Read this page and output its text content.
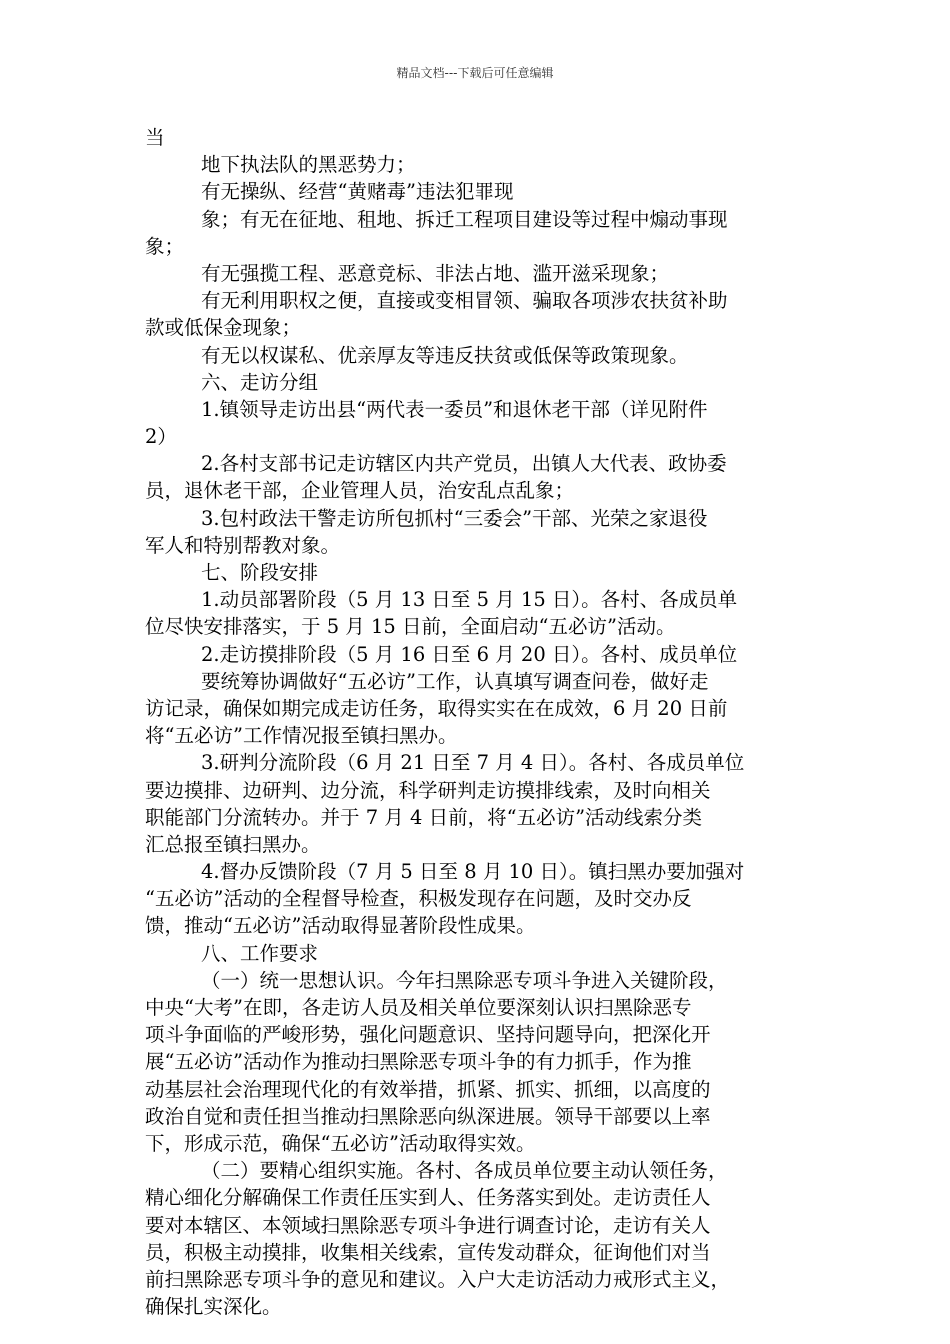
精品文档---下载后可任意编辑
当
地下执法队的黑恶势力；
有无操纵、经营“黄赌毒”违法犯罪现
象；有无在征地、租地、拆迁工程项目建设等过程中煽动事现
象；
有无强揽工程、恶意竞标、非法占地、滥开滋采现象；
有无利用职权之便，直接或变相冒领、骗取各项涉农扶贫补助
款或低保金现象；
有无以权谋私、优亲厚友等违反扶贫或低保等政策现象。
六、走访分组
1.镇领导走访出县“两代表一委员”和退休老干部（详见附件
2）
2.各村支部书记走访辖区内共产党员，出镇人大代表、政协委
员，退休老干部，企业管理人员，治安乱点乱象；
3.包村政法干警走访所包抓村“三委会”干部、光荣之家退役
军人和特别帮教对象。
七、阶段安排
1.动员部署阶段（5 月 13 日至 5 月 15 日）。各村、各成员单
位尽快安排落实，于 5 月 15 日前，全面启动“五必访”活动。
2.走访摸排阶段（5 月 16 日至 6 月 20 日）。各村、成员单位
要统筹协调做好“五必访”工作，认真填写调查问卷，做好走
访记录，确保如期完成走访任务，取得实实在在成效，6 月 20 日前
将“五必访”工作情况报至镇扫黑办。
3.研判分流阶段（6 月 21 日至 7 月 4 日）。各村、各成员单位
要边摸排、边研判、边分流，科学研判走访摸排线索，及时向相关
职能部门分流转办。并于 7 月 4 日前，将“五必访”活动线索分类
汇总报至镇扫黑办。
4.督办反馈阶段（7 月 5 日至 8 月 10 日）。镇扫黑办要加强对
“五必访”活动的全程督导检查，积极发现存在问题，及时交办反
馈，推动“五必访”活动取得显著阶段性成果。
八、工作要求
（一）统一思想认识。今年扫黑除恶专项斗争进入关键阶段，
中央“大考”在即，各走访人员及相关单位要深刻认识扫黑除恶专
项斗争面临的严峻形势，强化问题意识、坚持问题导向，把深化开
展“五必访”活动作为推动扫黑除恶专项斗争的有力抓手，作为推
动基层社会治理现代化的有效举措，抓紧、抓实、抓细，以高度的
政治自觉和责任担当推动扫黑除恶向纵深进展。领导干部要以上率
下，形成示范，确保“五必访”活动取得实效。
（二）要精心组织实施。各村、各成员单位要主动认领任务，
精心细化分解确保工作责任压实到人、任务落实到处。走访责任人
要对本辖区、本领域扫黑除恶专项斗争进行调查讨论，走访有关人
员，积极主动摸排，收集相关线索，宣传发动群众，征询他们对当
前扫黑除恶专项斗争的意见和建议。入户大走访活动力戒形式主义，
确保扎实深化。
